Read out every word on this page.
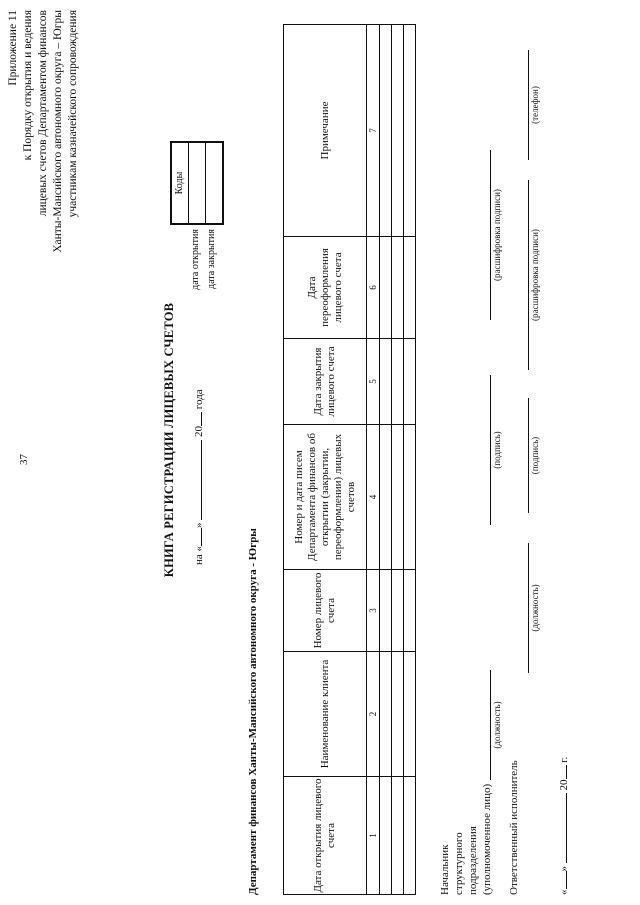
37
Приложение 11 к Порядку открытия и ведения лицевых счетов Департаментом финансов Ханты-Мансийского автономного округа – Югры участникам казначейского сопровождения
дата открытия дата закрытия
Коды
КНИГА РЕГИСТРАЦИИ ЛИЦЕВЫХ СЧЕТОВ на «»  20 года
Департамент финансов Ханты-Мансийского автономного округа - Югры	Дата открытия лицевого счета	Наименование клиента	Номер лицевого счета	Номер и дата писем Департамента финансов об открытии (закрытии, переоформлении) лицевых счетов	Дата закрытия лицевого счета	Дата переоформления лицевого счета	Примечание
1	2	3	4	5	6	7

Начальник структурного подразделения (уполномоченное лицо)
(должность)
(подпись)
(расшифровка подписи)
Ответственный исполнитель
(должность)
(подпись)
(расшифровка подписи)
(телефон)
«»  20 г.
